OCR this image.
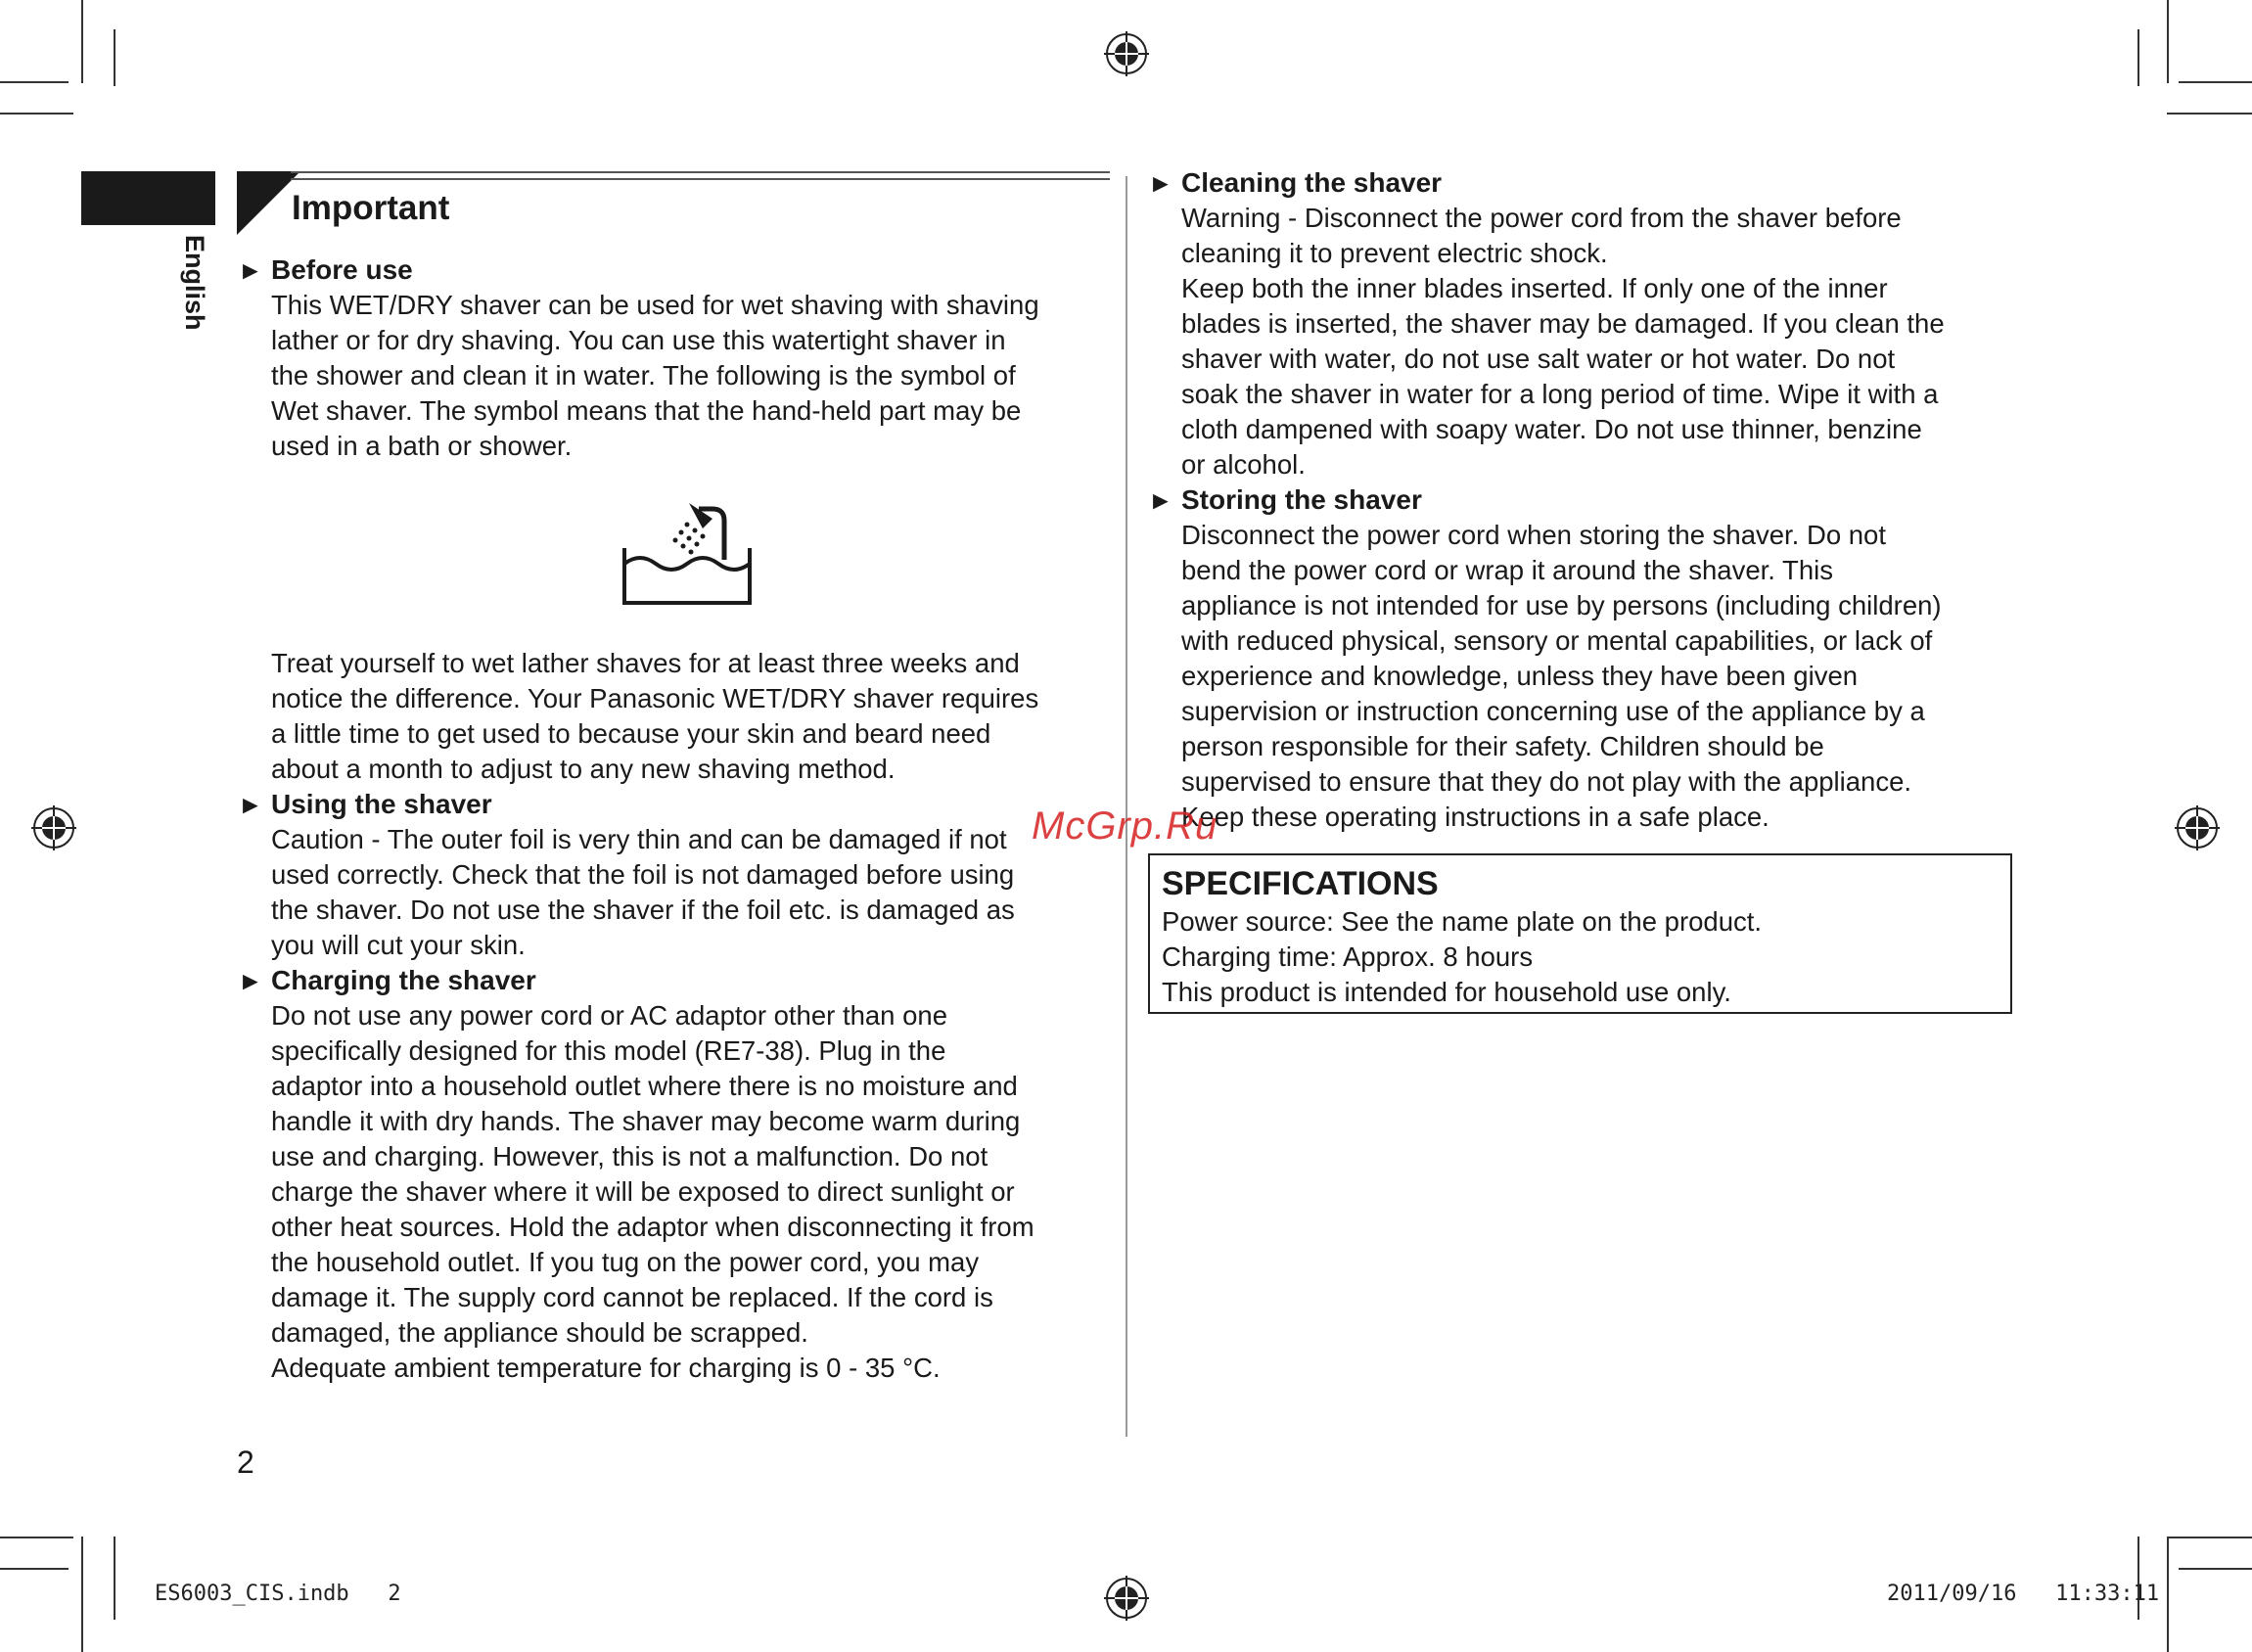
English
Important
► Before use

This WET/DRY shaver can be used for wet shaving with shaving
lather or for dry shaving. You can use this watertight shaver in
the shower and clean it in water. The following is the symbol of
Wet shaver. The symbol means that the hand-held part may be
used in a bath or shower.

Treat yourself to wet lather shaves for at least three weeks and
notice the difference. Your Panasonic WET/DRY shaver requires
a little time to get used to because your skin and beard need
about a month to adjust to any new shaving method.

► Using the shaver

Caution - The outer foil is very thin and can be damaged if not
used correctly. Check that the foil is not damaged before using
the shaver. Do not use the shaver if the foil etc. is damaged as
you will cut your skin.

► Charging the shaver

Do not use any power cord or AC adaptor other than one
specifically designed for this model (RE7-38). Plug in the
adaptor into a household outlet where there is no moisture and
handle it with dry hands. The shaver may become warm during
use and charging. However, this is not a malfunction. Do not
charge the shaver where it will be exposed to direct sunlight or
other heat sources. Hold the adaptor when disconnecting it from
the household outlet. If you tug on the power cord, you may
damage it. The supply cord cannot be replaced. If the cord is
damaged, the appliance should be scrapped.
Adequate ambient temperature for charging is 0 - 35 °C.

► Cleaning the shaver

Warning - Disconnect the power cord from the shaver before
cleaning it to prevent electric shock.
Keep both the inner blades inserted. If only one of the inner
blades is inserted, the shaver may be damaged. If you clean the
shaver with water, do not use salt water or hot water. Do not
soak the shaver in water for a long period of time. Wipe it with a
cloth dampened with soapy water. Do not use thinner, benzine
or alcohol.

► Storing the shaver

Disconnect the power cord when storing the shaver. Do not
bend the power cord or wrap it around the shaver. This
appliance is not intended for use by persons (including children)
with reduced physical, sensory or mental capabilities, or lack of
experience and knowledge, unless they have been given
supervision or instruction concerning use of the appliance by a
person responsible for their safety. Children should be
supervised to ensure that they do not play with the appliance.
Keep these operating instructions in a safe place.

SPECIFICATIONS
Power source: See the name plate on the product.
Charging time: Approx. 8 hours
This product is intended for household use only.
McGrp.Ru
2
ES6003_CIS.indb   2	2011/09/16   11:33:11
